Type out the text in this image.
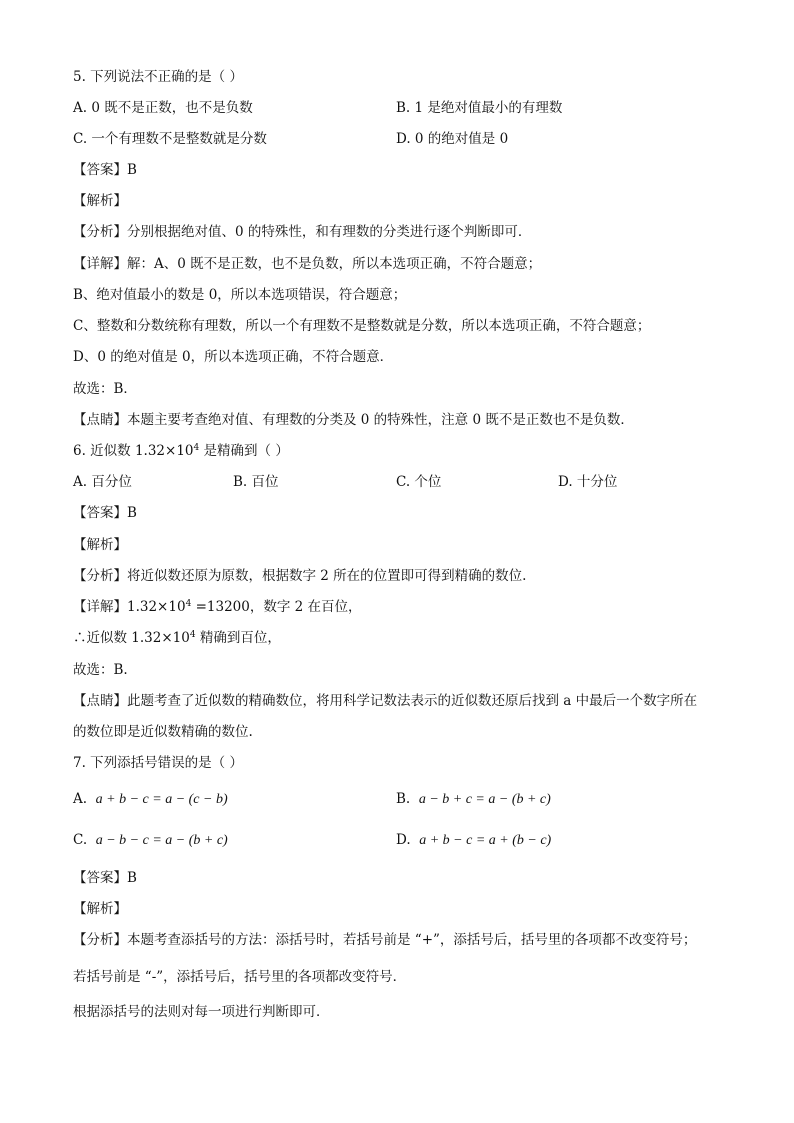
5. 下列说法不正确的是（ ）
A. 0 既不是正数，也不是负数	B. 1 是绝对值最小的有理数
C. 一个有理数不是整数就是分数	D. 0 的绝对值是 0
【答案】B
【解析】
【分析】分别根据绝对值、0 的特殊性，和有理数的分类进行逐个判断即可．
【详解】解：A、0 既不是正数，也不是负数，所以本选项正确，不符合题意；
B、绝对值最小的数是 0，所以本选项错误，符合题意；
C、整数和分数统称有理数，所以一个有理数不是整数就是分数，所以本选项正确，不符合题意；
D、0 的绝对值是 0，所以本选项正确，不符合题意．
故选：B．
【点睛】本题主要考查绝对值、有理数的分类及 0 的特殊性，注意 0 既不是正数也不是负数．
6. 近似数 $1.32\times 10^4$ 是精确到（ ）
A. 百分位	B. 百位	C. 个位	D. 十分位
【答案】B
【解析】
【分析】将近似数还原为原数，根据数字 2 所在的位置即可得到精确的数位.
【详解】$1.32\times 10^4 =13200$，数字 2 在百位，
∴近似数 $1.32\times 10^4$ 精确到百位，
故选：B.
【点睛】此题考查了近似数的精确数位，将用科学记数法表示的近似数还原后找到 a 中最后一个数字所在
的数位即是近似数精确的数位.
7. 下列添括号错误的是（ ）
A. a + b − c = a − (c − b)	B. a − b + c = a − (b + c)
C. a − b − c = a − (b + c)	D. a + b − c = a + (b − c)
【答案】B
【解析】
【分析】本题考查添括号的方法：添括号时，若括号前是 “+”，添括号后，括号里的各项都不改变符号；
若括号前是 “-”，添括号后，括号里的各项都改变符号．
根据添括号的法则对每一项进行判断即可．
